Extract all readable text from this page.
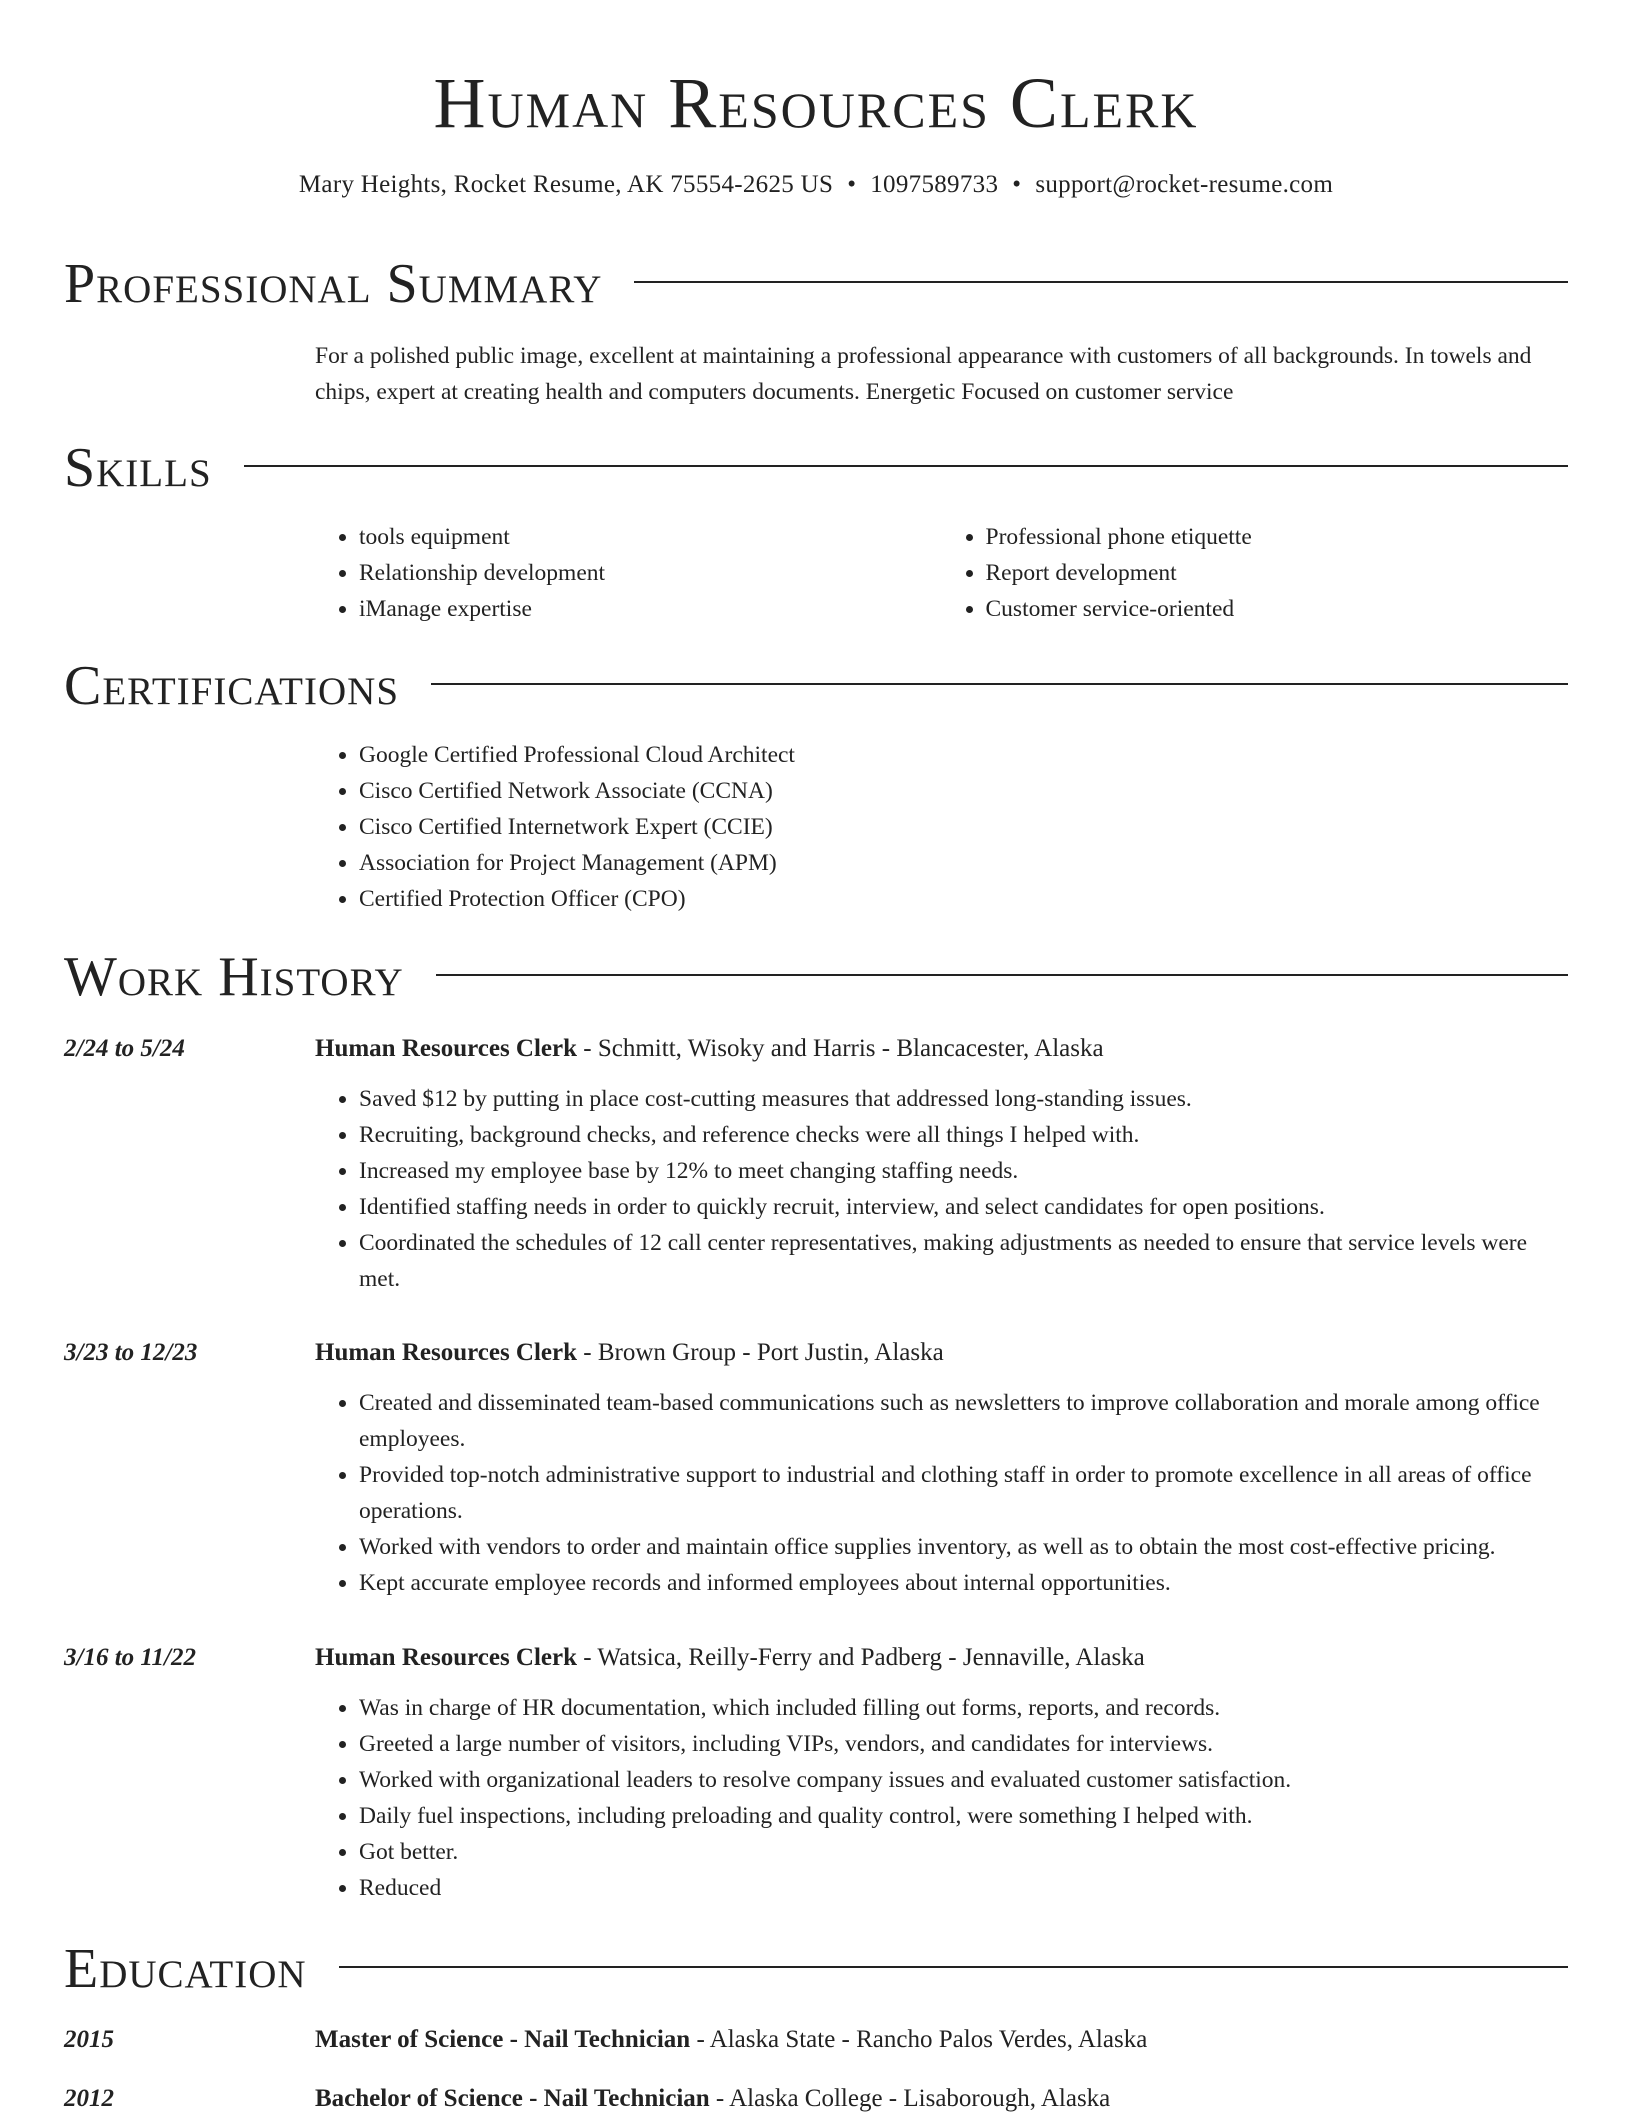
Human Resources Clerk
Mary Heights, Rocket Resume, AK 75554-2625 US • 1097589733 • support@rocket-resume.com
Professional Summary
For a polished public image, excellent at maintaining a professional appearance with customers of all backgrounds. In towels and chips, expert at creating health and computers documents. Energetic Focused on customer service
Skills
• tools equipment
• Relationship development
• iManage expertise
• Professional phone etiquette
• Report development
• Customer service-oriented
Certifications
• Google Certified Professional Cloud Architect
• Cisco Certified Network Associate (CCNA)
• Cisco Certified Internetwork Expert (CCIE)
• Association for Project Management (APM)
• Certified Protection Officer (CPO)
Work History
2/24 to 5/24	Human Resources Clerk - Schmitt, Wisoky and Harris - Blancacester, Alaska
• Saved $12 by putting in place cost-cutting measures that addressed long-standing issues.
• Recruiting, background checks, and reference checks were all things I helped with.
• Increased my employee base by 12% to meet changing staffing needs.
• Identified staffing needs in order to quickly recruit, interview, and select candidates for open positions.
• Coordinated the schedules of 12 call center representatives, making adjustments as needed to ensure that service levels were met.
3/23 to 12/23	Human Resources Clerk - Brown Group - Port Justin, Alaska
• Created and disseminated team-based communications such as newsletters to improve collaboration and morale among office employees.
• Provided top-notch administrative support to industrial and clothing staff in order to promote excellence in all areas of office operations.
• Worked with vendors to order and maintain office supplies inventory, as well as to obtain the most cost-effective pricing.
• Kept accurate employee records and informed employees about internal opportunities.
3/16 to 11/22	Human Resources Clerk - Watsica, Reilly-Ferry and Padberg - Jennaville, Alaska
• Was in charge of HR documentation, which included filling out forms, reports, and records.
• Greeted a large number of visitors, including VIPs, vendors, and candidates for interviews.
• Worked with organizational leaders to resolve company issues and evaluated customer satisfaction.
• Daily fuel inspections, including preloading and quality control, were something I helped with.
• Got better.
• Reduced
Education
2015	Master of Science - Nail Technician - Alaska State - Rancho Palos Verdes, Alaska
2012	Bachelor of Science - Nail Technician - Alaska College - Lisaborough, Alaska
